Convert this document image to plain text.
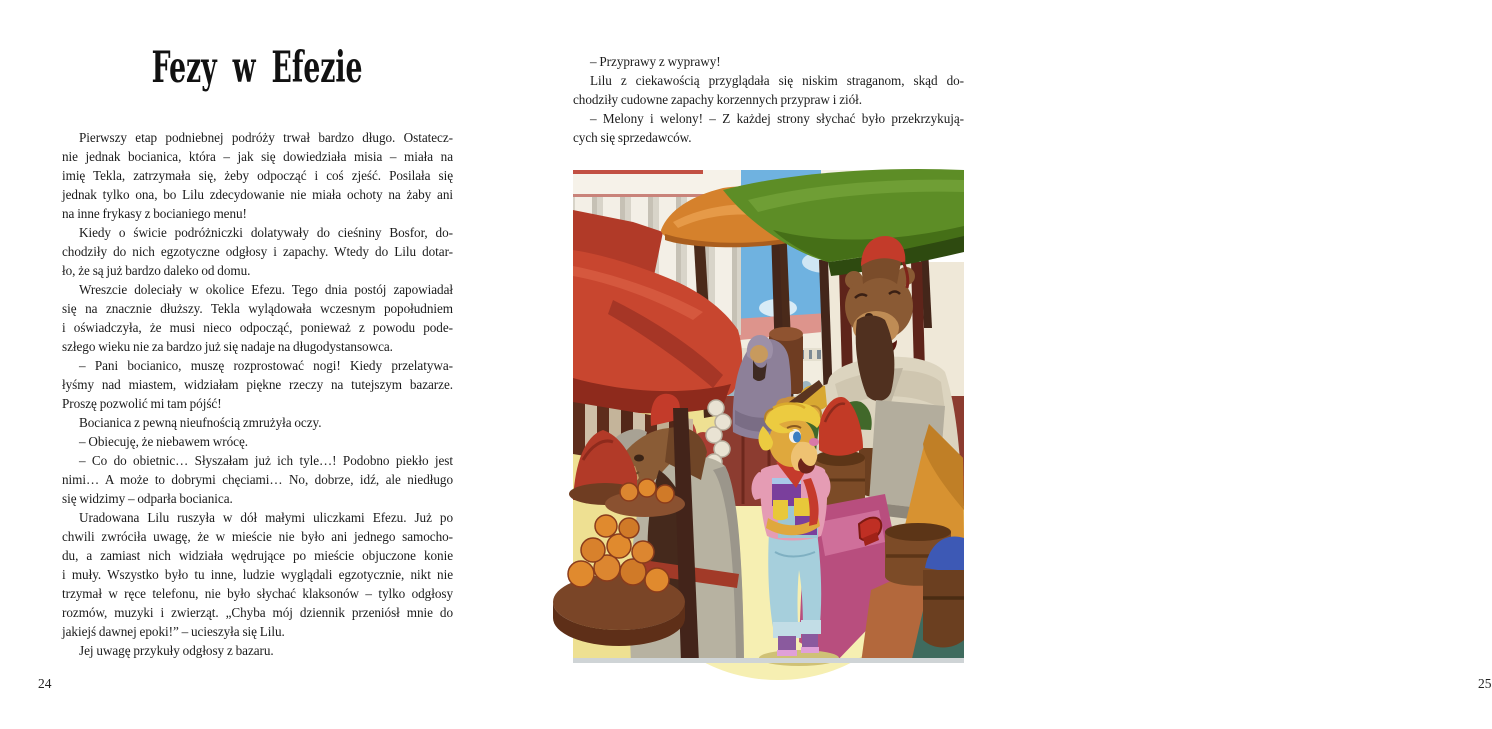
Fezy w Efezie
Pierwszy etap podniebnej podróży trwał bardzo długo. Ostatecz-
nie jednak bocianica, która – jak się dowiedziała misia – miała na
imię Tekla, zatrzymała się, żeby odpocząć i coś zjeść. Posilała się
jednak tylko ona, bo Lilu zdecydowanie nie miała ochoty na żaby ani
na inne frykasy z bocianiego menu!
Kiedy o świcie podróżniczki dolatywały do cieśniny Bosfor, do-
chodziły do nich egzotyczne odgłosy i zapachy. Wtedy do Lilu dotar-
ło, że są już bardzo daleko od domu.
Wreszcie doleciały w okolice Efezu. Tego dnia postój zapowiadał
się na znacznie dłuższy. Tekla wylądowała wczesnym popołudniem
i oświadczyła, że musi nieco odpocząć, ponieważ z powodu pode-
szłego wieku nie za bardzo już się nadaje na długodystansowca.
– Pani bocianico, muszę rozprostować nogi! Kiedy przelatywa-
łyśmy nad miastem, widziałam piękne rzeczy na tutejszym bazarze.
Proszę pozwolić mi tam pójść!
Bocianica z pewną nieufnością zmrużyła oczy.
– Obiecuję, że niebawem wrócę.
– Co do obietnic… Słyszałam już ich tyle…! Podobno piekło jest
nimi… A może to dobrymi chęciami… No, dobrze, idź, ale niedługo
się widzimy – odparła bocianica.
Uradowana Lilu ruszyła w dół małymi uliczkami Efezu. Już po
chwili zwróciła uwagę, że w mieście nie było ani jednego samocho-
du, a zamiast nich widziała wędrujące po mieście objuczone konie
i muły. Wszystko było tu inne, ludzie wyglądali egzotycznie, nikt nie
trzymał w ręce telefonu, nie było słychać klaksonów – tylko odgłosy
rozmów, muzyki i zwierząt. „Chyba mój dziennik przeniósł mnie do
jakiejś dawnej epoki!” – ucieszyła się Lilu.
Jej uwagę przykuły odgłosy z bazaru.
24
– Przyprawy z wyprawy!
Lilu z ciekawością przyglądała się niskim straganom, skąd do-
chodziły cudowne zapachy korzennych przypraw i ziół.
– Melony i welony! – Z każdej strony słychać było przekrzykują-
cych się sprzedawców.
25
